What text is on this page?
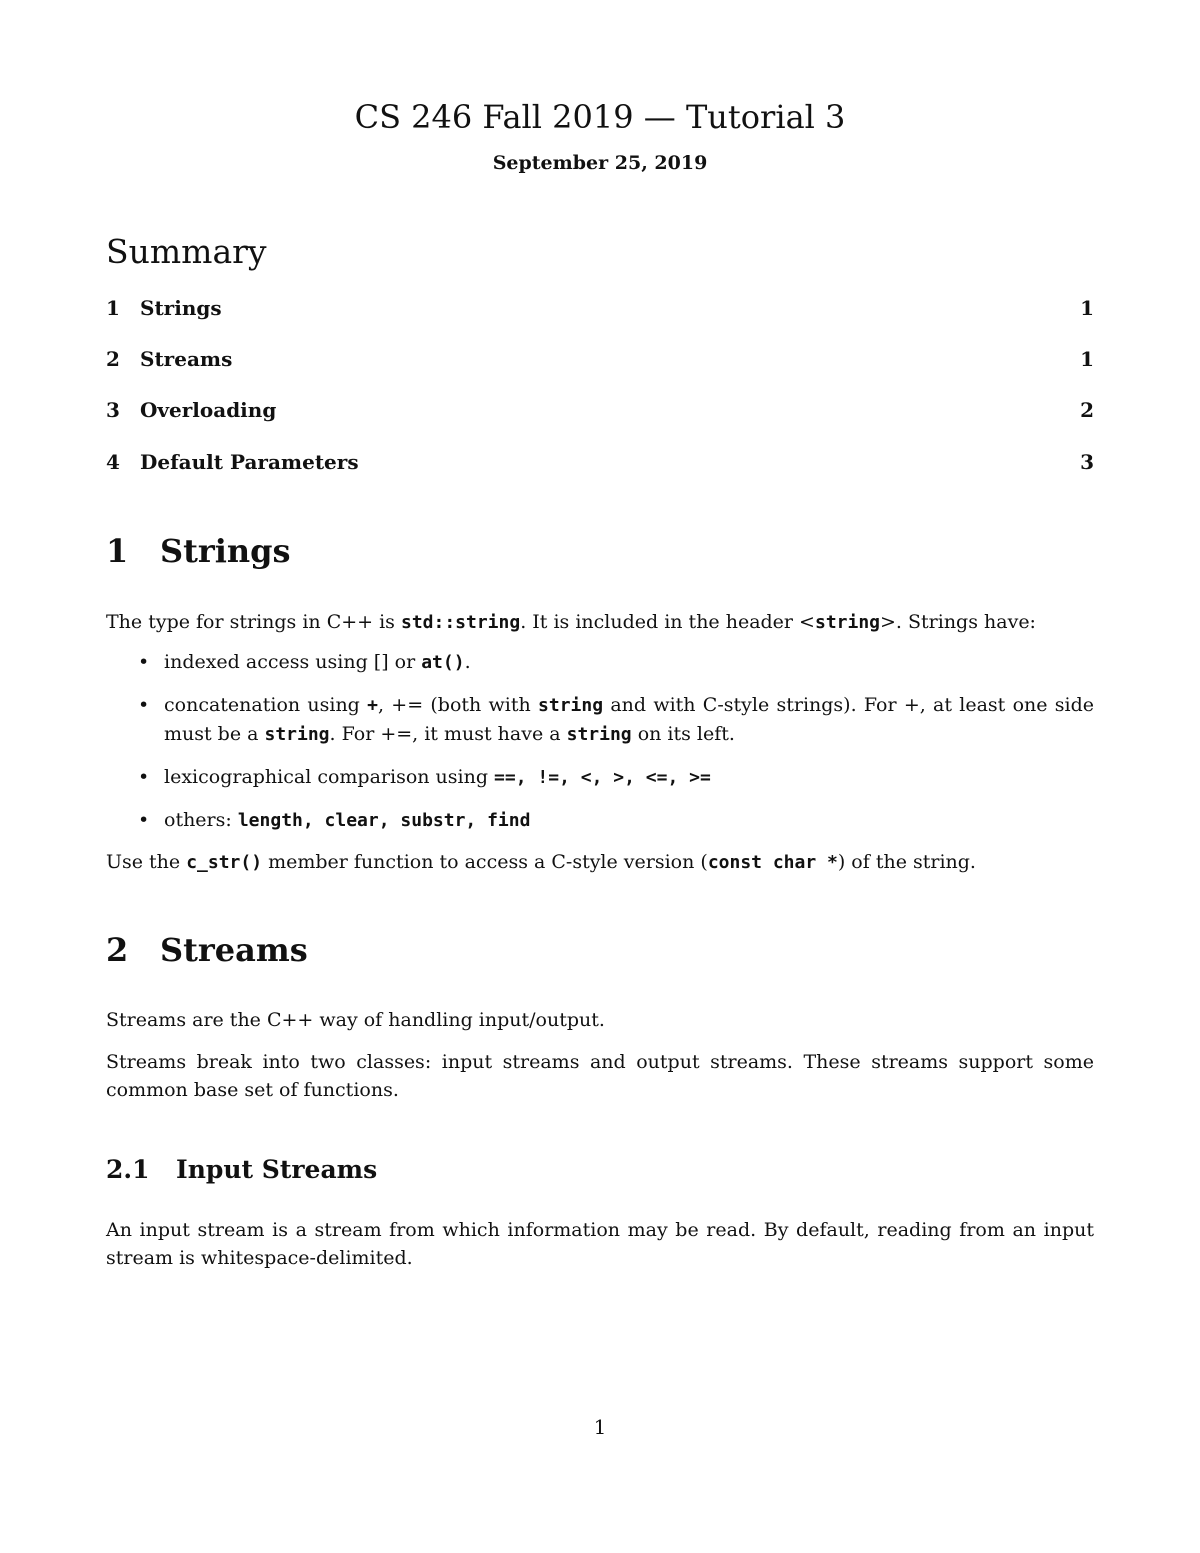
CS 246 Fall 2019 — Tutorial 3
September 25, 2019
Summary
1 Strings	1
2 Streams	1
3 Overloading	2
4 Default Parameters	3
1 Strings
The type for strings in C++ is std::string. It is included in the header <string>. Strings have:
• indexed access using [] or at().
• concatenation using +, += (both with string and with C-style strings). For +, at least one side must be a string. For +=, it must have a string on its left.
• lexicographical comparison using ==, !=, <, >, <=, >=
• others: length, clear, substr, find
Use the c_str() member function to access a C-style version (const char *) of the string.
2 Streams
Streams are the C++ way of handling input/output.
Streams break into two classes: input streams and output streams. These streams support some common base set of functions.
2.1 Input Streams
An input stream is a stream from which information may be read. By default, reading from an input stream is whitespace-delimited.
1
